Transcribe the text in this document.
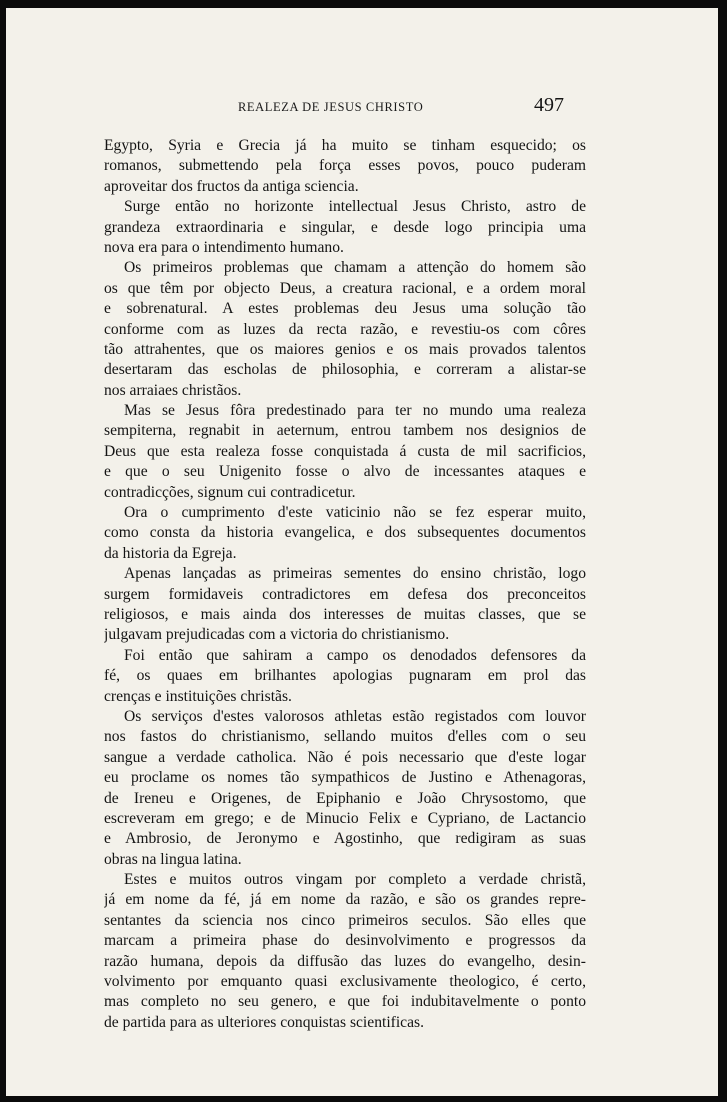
REALEZA DE JESUS CHRISTO	497
Egypto, Syria e Grecia já ha muito se tinham esquecido; os
romanos, submettendo pela força esses povos, pouco puderam
aproveitar dos fructos da antiga sciencia.
Surge então no horizonte intellectual Jesus Christo, astro de
grandeza extraordinaria e singular, e desde logo principia uma
nova era para o intendimento humano.
Os primeiros problemas que chamam a attenção do homem são
os que têm por objecto Deus, a creatura racional, e a ordem moral
e sobrenatural. A estes problemas deu Jesus uma solução tão
conforme com as luzes da recta razão, e revestiu-os com côres
tão attrahentes, que os maiores genios e os mais provados talentos
desertaram das escholas de philosophia, e correram a alistar-se
nos arraiaes christãos.
Mas se Jesus fôra predestinado para ter no mundo uma realeza
sempiterna, regnabit in aeternum, entrou tambem nos designios de
Deus que esta realeza fosse conquistada á custa de mil sacrificios,
e que o seu Unigenito fosse o alvo de incessantes ataques e
contradicções, signum cui contradicetur.
Ora o cumprimento d'este vaticinio não se fez esperar muito,
como consta da historia evangelica, e dos subsequentes documentos
da historia da Egreja.
Apenas lançadas as primeiras sementes do ensino christão, logo
surgem formidaveis contradictores em defesa dos preconceitos
religiosos, e mais ainda dos interesses de muitas classes, que se
julgavam prejudicadas com a victoria do christianismo.
Foi então que sahiram a campo os denodados defensores da
fé, os quaes em brilhantes apologias pugnaram em prol das
crenças e instituições christãs.
Os serviços d'estes valorosos athletas estão registados com louvor
nos fastos do christianismo, sellando muitos d'elles com o seu
sangue a verdade catholica. Não é pois necessario que d'este logar
eu proclame os nomes tão sympathicos de Justino e Athenagoras,
de Ireneu e Origenes, de Epiphanio e João Chrysostomo, que
escreveram em grego; e de Minucio Felix e Cypriano, de Lactancio
e Ambrosio, de Jeronymo e Agostinho, que redigiram as suas
obras na lingua latina.
Estes e muitos outros vingam por completo a verdade christã,
já em nome da fé, já em nome da razão, e são os grandes repre-
sentantes da sciencia nos cinco primeiros seculos. São elles que
marcam a primeira phase do desinvolvimento e progressos da
razão humana, depois da diffusão das luzes do evangelho, desin-
volvimento por emquanto quasi exclusivamente theologico, é certo,
mas completo no seu genero, e que foi indubitavelmente o ponto
de partida para as ulteriores conquistas scientificas.
